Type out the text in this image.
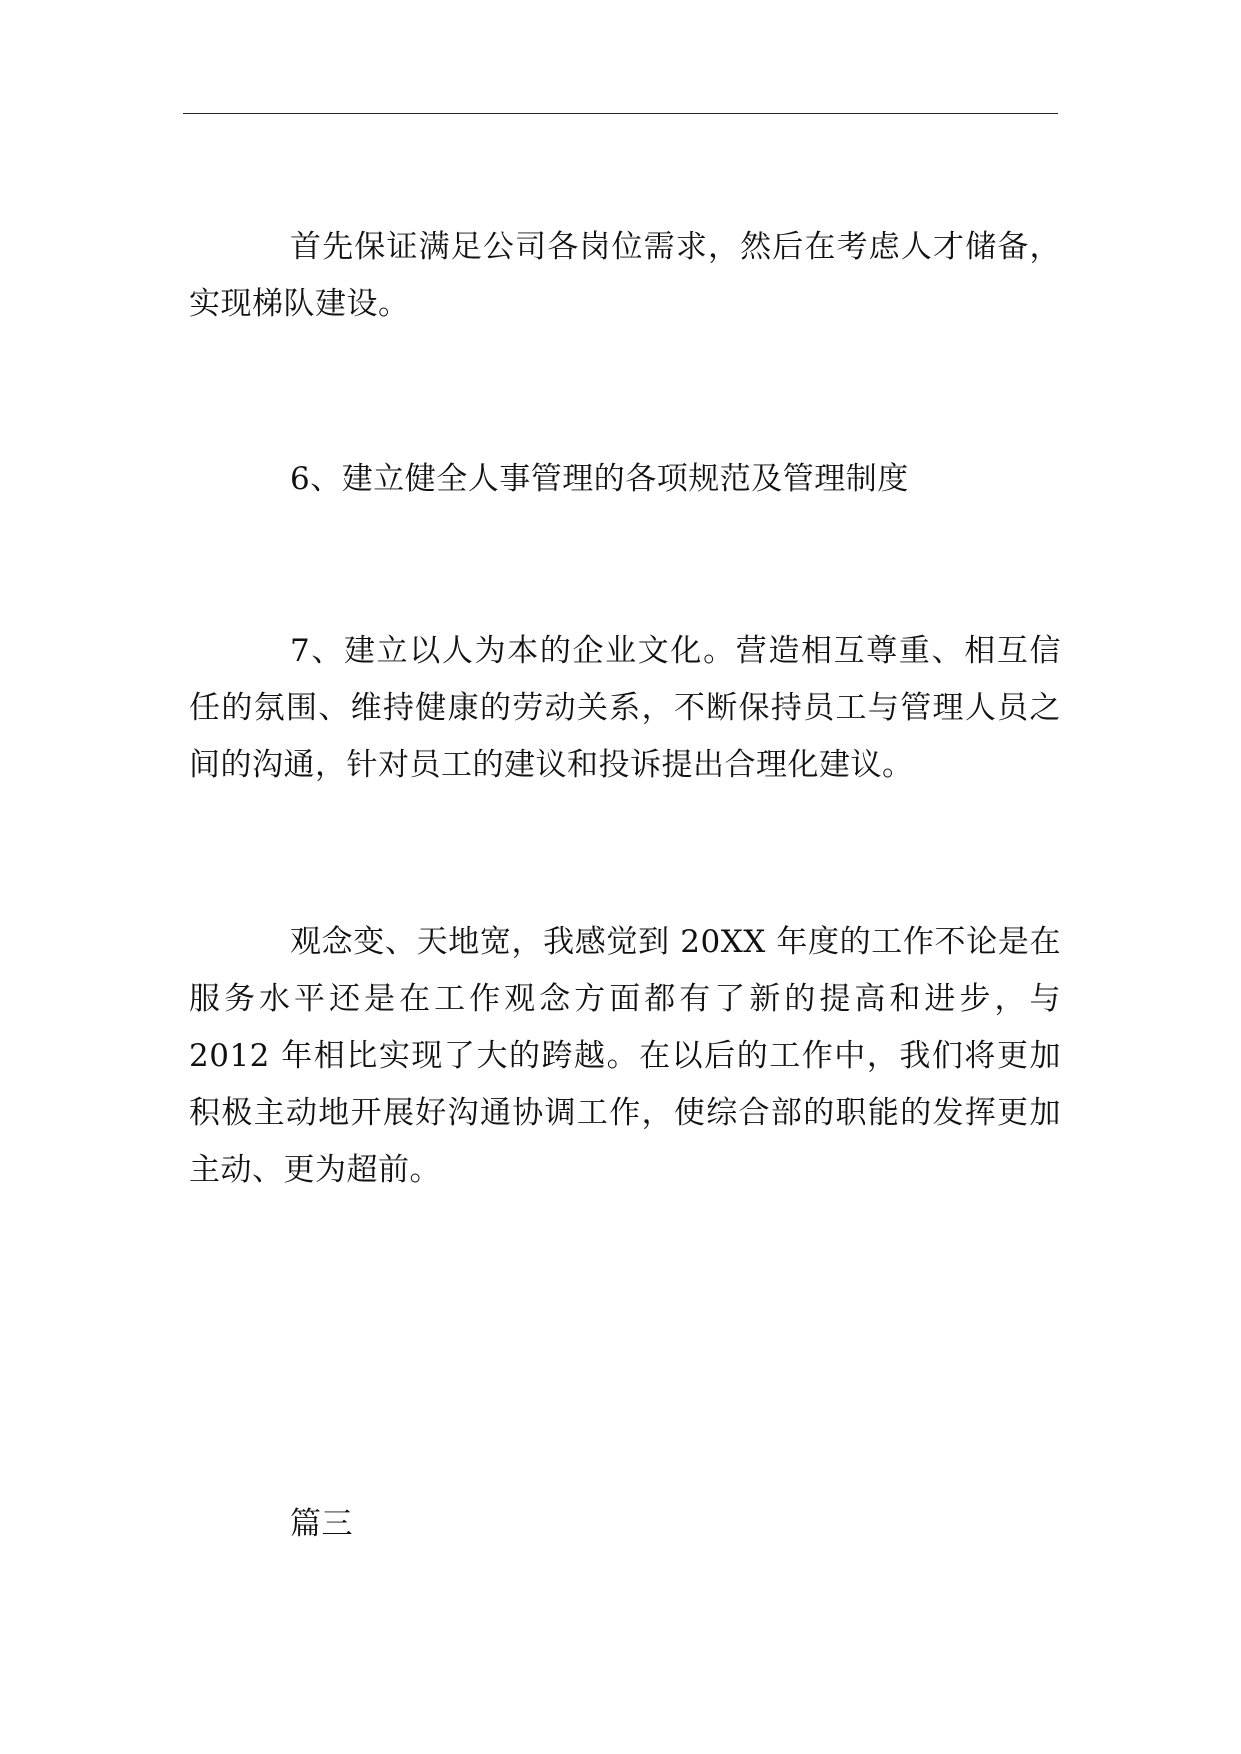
首先保证满足公司各岗位需求，然后在考虑人才储备，实现梯队建设。

6、建立健全人事管理的各项规范及管理制度

7、建立以人为本的企业文化。营造相互尊重、相互信任的氛围、维持健康的劳动关系，不断保持员工与管理人员之间的沟通，针对员工的建议和投诉提出合理化建议。

观念变、天地宽，我感觉到 20XX 年度的工作不论是在服务水平还是在工作观念方面都有了新的提高和进步，与 2012 年相比实现了大的跨越。在以后的工作中，我们将更加积极主动地开展好沟通协调工作，使综合部的职能的发挥更加主动、更为超前。

篇三
